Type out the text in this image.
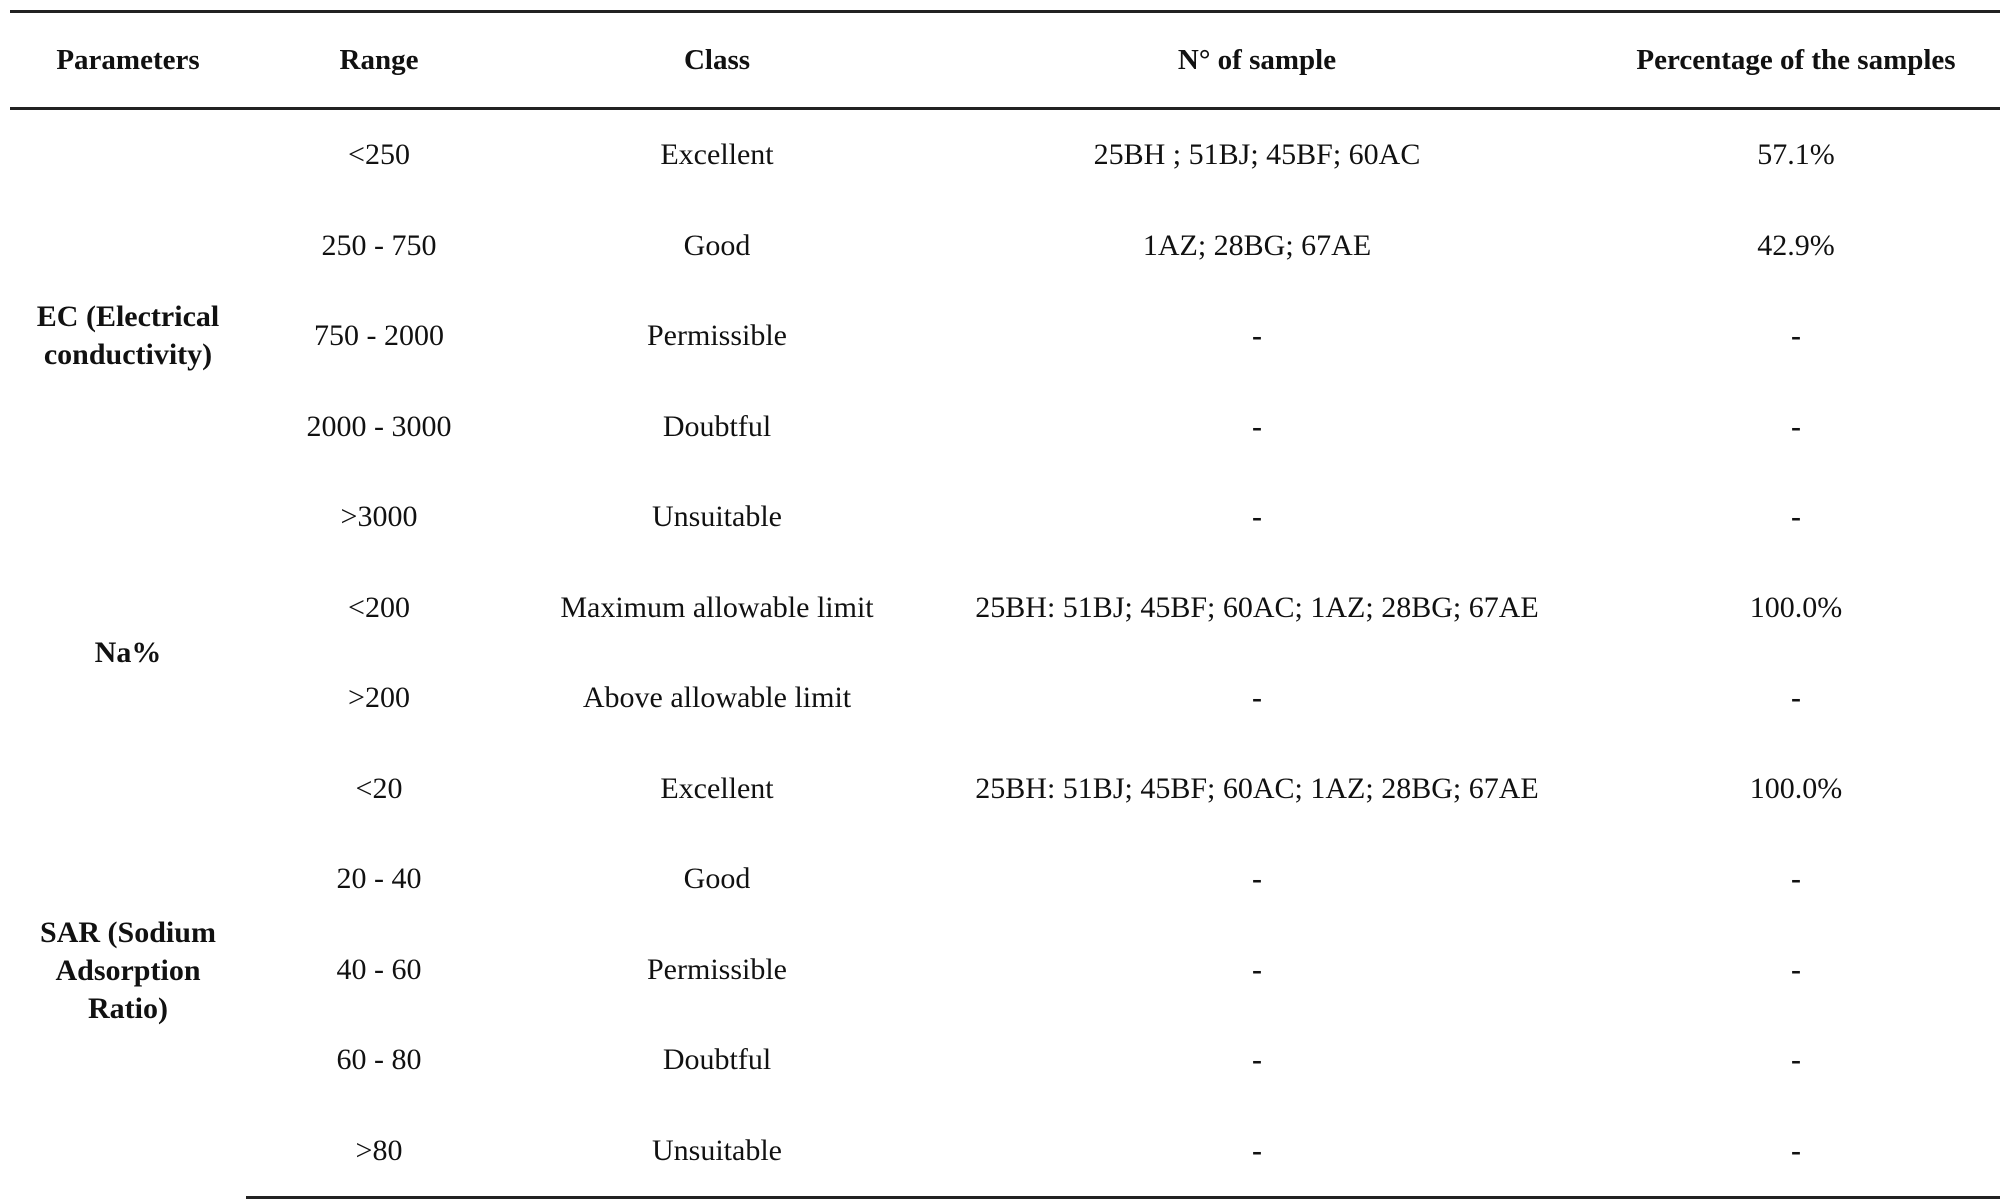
Parameters	Range	Class	N° of sample	Percentage of the samples
EC (Electrical conductivity)	<250	Excellent	25BH ; 51BJ; 45BF; 60AC	57.1%
	250 - 750	Good	1AZ; 28BG; 67AE	42.9%
	750 - 2000	Permissible	-	-
	2000 - 3000	Doubtful	-	-
	>3000	Unsuitable	-	-
Na%	<200	Maximum allowable limit	25BH: 51BJ; 45BF; 60AC; 1AZ; 28BG; 67AE	100.0%
	>200	Above allowable limit	-	-
SAR (Sodium Adsorption Ratio)	<20	Excellent	25BH: 51BJ; 45BF; 60AC; 1AZ; 28BG; 67AE	100.0%
	20 - 40	Good	-	-
	40 - 60	Permissible	-	-
	60 - 80	Doubtful	-	-
	>80	Unsuitable	-	-
